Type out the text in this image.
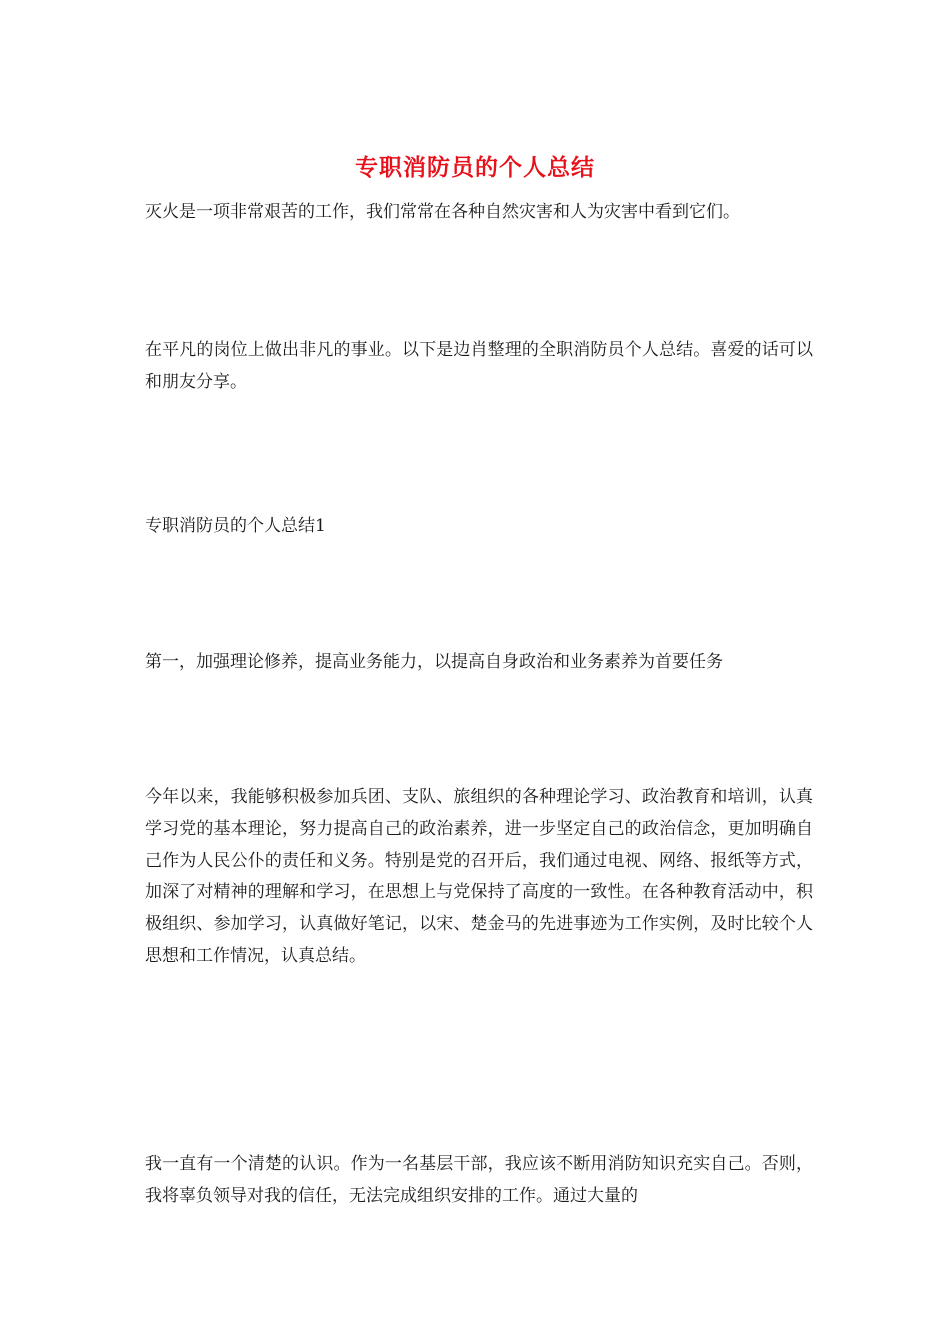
专职消防员的个人总结

灭火是一项非常艰苦的工作，我们常常在各种自然灾害和人为灾害中看到它们。

在平凡的岗位上做出非凡的事业。以下是边肖整理的全职消防员个人总结。喜爱的话可以和朋友分享。

专职消防员的个人总结1

第一，加强理论修养，提高业务能力，以提高自身政治和业务素养为首要任务

今年以来，我能够积极参加兵团、支队、旅组织的各种理论学习、政治教育和培训，认真学习党的基本理论，努力提高自己的政治素养，进一步坚定自己的政治信念，更加明确自己作为人民公仆的责任和义务。特别是党的召开后，我们通过电视、网络、报纸等方式，加深了对精神的理解和学习，在思想上与党保持了高度的一致性。在各种教育活动中，积极组织、参加学习，认真做好笔记，以宋、楚金马的先进事迹为工作实例，及时比较个人思想和工作情况，认真总结。

我一直有一个清楚的认识。作为一名基层干部，我应该不断用消防知识充实自己。否则，我将辜负领导对我的信任，无法完成组织安排的工作。通过大量的
